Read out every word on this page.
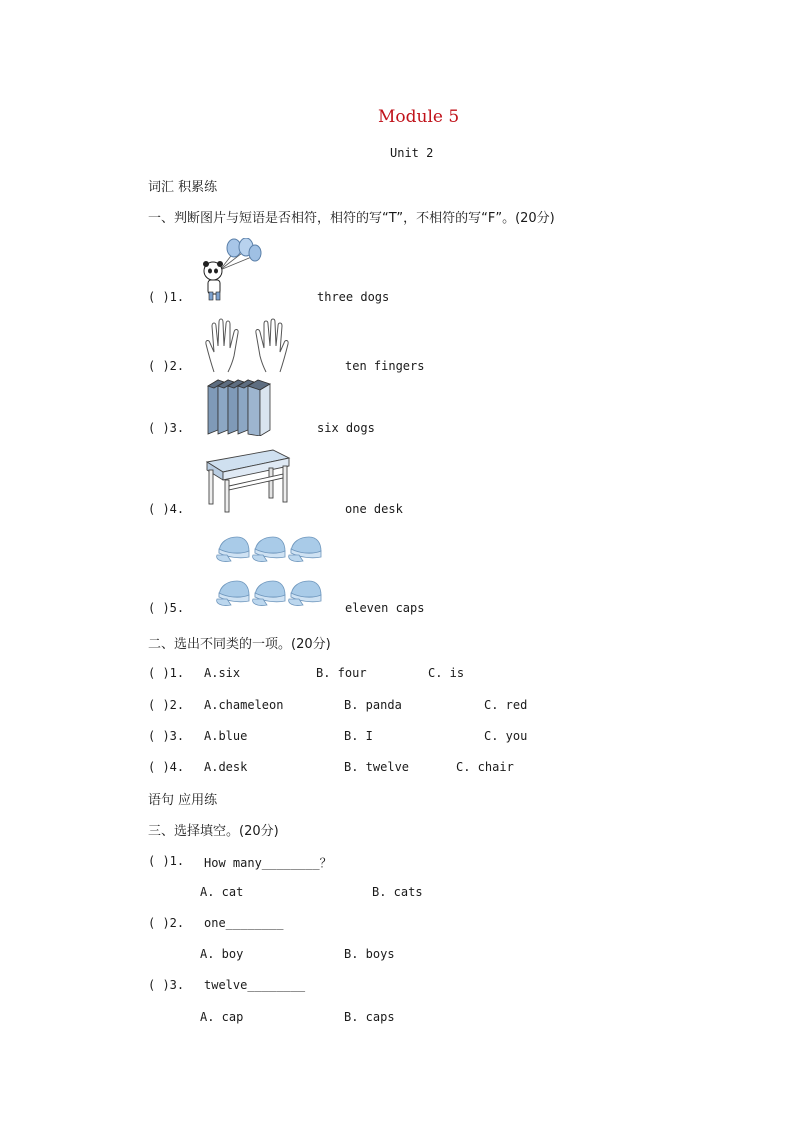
Module 5
Unit 2
词汇 积累练
一、判断图片与短语是否相符，相符的写“T”，不相符的写“F”。(20分)
( )1.	three dogs
( )2.	ten fingers
( )3.	six dogs
( )4.	one desk
( )5.	eleven caps
二、选出不同类的一项。(20分)
( )1. A.six	B. four	C. is
( )2. A.chameleon	B. panda	C. red
( )3. A.blue	B. I	C. you
( )4. A.desk	B. twelve	C. chair
语句 应用练
三、选择填空。(20分)
( )1. How many________？
A. cat	B. cats
( )2. one________
A. boy	B. boys
( )3. twelve________
A. cap	B. caps
